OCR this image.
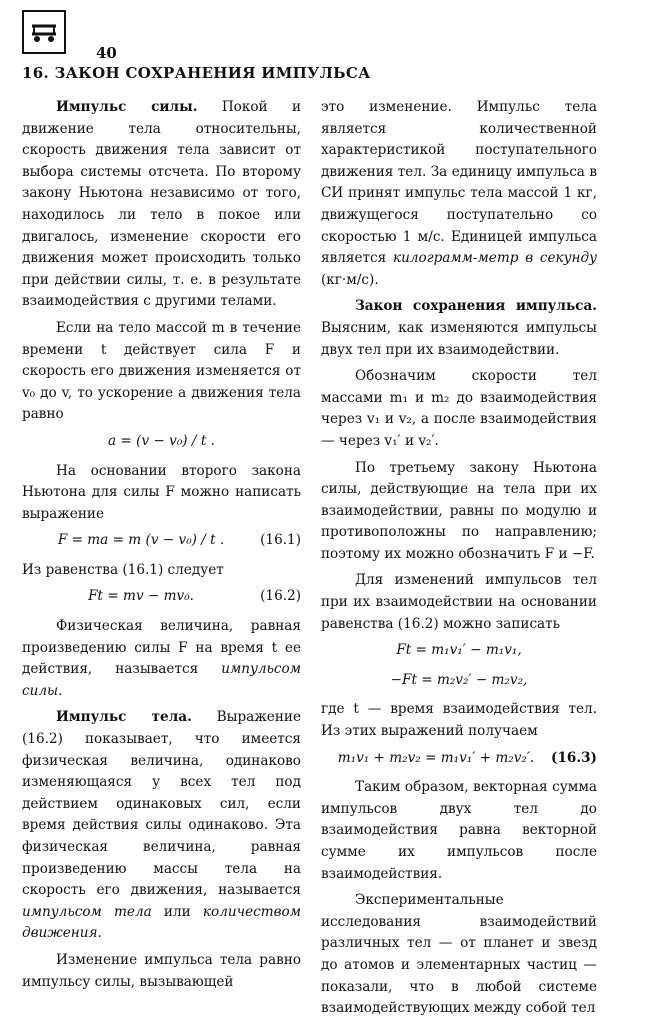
40
16. ЗАКОН СОХРАНЕНИЯ ИМПУЛЬСА

Импульс силы. Покой и движение тела относительны, скорость движения тела зависит от выбора системы отсчета. По второму закону Ньютона независимо от того, находилось ли тело в покое или двигалось, изменение скорости его движения может происходить только при действии силы, т. е. в результате взаимодействия с другими телами.

Если на тело массой m в течение времени t действует сила F и скорость его движения изменяется от v₀ до v, то ускорение a движения тела равно

a = (v − v₀) / t .

На основании второго закона Ньютона для силы F можно написать выражение

F = ma = m (v − v₀) / t .	(16.1)

Из равенства (16.1) следует

Ft = mv − mv₀.	(16.2)

Физическая величина, равная произведению силы F на время t ее действия, называется импульсом силы.

Импульс тела. Выражение (16.2) показывает, что имеется физическая величина, одинаково изменяющаяся у всех тел под действием одинаковых сил, если время действия силы одинаково. Эта физическая величина, равная произведению массы тела на скорость его движения, называется импульсом тела или количеством движения.

Изменение импульса тела равно импульсу силы, вызывающей

это изменение. Импульс тела является количественной характеристикой поступательного движения тел. За единицу импульса в СИ принят импульс тела массой 1 кг, движущегося поступательно со скоростью 1 м/с. Единицей импульса является килограмм-метр в секунду (кг·м/с).

Закон сохранения импульса. Выясним, как изменяются импульсы двух тел при их взаимодействии.

Обозначим скорости тел массами m₁ и m₂ до взаимодействия через v₁ и v₂, а после взаимодействия — через v₁′ и v₂′.

По третьему закону Ньютона силы, действующие на тела при их взаимодействии, равны по модулю и противоположны по направлению; поэтому их можно обозначить F и −F.

Для изменений импульсов тел при их взаимодействии на основании равенства (16.2) можно записать

Ft = m₁v₁′ − m₁v₁,
−Ft = m₂v₂′ − m₂v₂,

где t — время взаимодействия тел. Из этих выражений получаем

m₁v₁ + m₂v₂ = m₁v₁′ + m₂v₂′.	(16.3)

Таким образом, векторная сумма импульсов двух тел до взаимодействия равна векторной сумме их импульсов после взаимодействия.

Экспериментальные исследования взаимодействий различных тел — от планет и звезд до атомов и элементарных частиц — показали, что в любой системе взаимодействующих между собой тел
